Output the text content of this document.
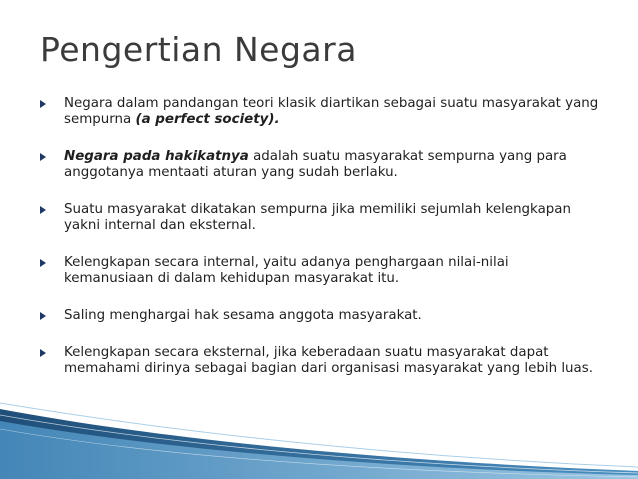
Pengertian Negara
Negara dalam pandangan teori klasik diartikan sebagai suatu masyarakat yang sempurna (a perfect society).
Negara pada hakikatnya adalah suatu masyarakat sempurna yang para anggotanya mentaati aturan yang sudah berlaku.
Suatu masyarakat dikatakan sempurna jika memiliki sejumlah kelengkapan yakni internal dan eksternal.
Kelengkapan secara internal, yaitu adanya penghargaan nilai-nilai kemanusiaan di dalam kehidupan masyarakat itu.
Saling menghargai hak sesama anggota masyarakat.
Kelengkapan secara eksternal, jika keberadaan suatu masyarakat dapat memahami dirinya sebagai bagian dari organisasi masyarakat yang lebih luas.
